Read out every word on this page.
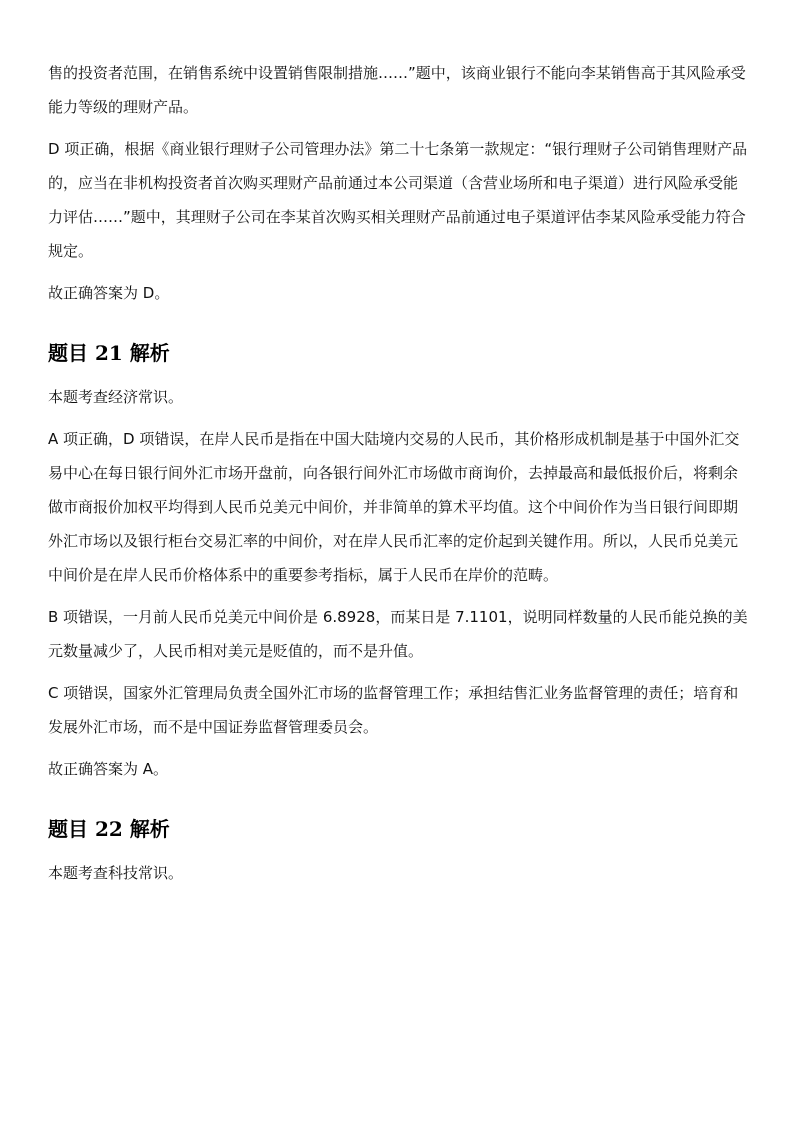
售的投资者范围，在销售系统中设置销售限制措施……”题中，该商业银行不能向李某销售高于其风险承受能力等级的理财产品。

D 项正确，根据《商业银行理财子公司管理办法》第二十七条第一款规定：“银行理财子公司销售理财产品的，应当在非机构投资者首次购买理财产品前通过本公司渠道（含营业场所和电子渠道）进行风险承受能力评估……”题中，其理财子公司在李某首次购买相关理财产品前通过电子渠道评估李某风险承受能力符合规定。

故正确答案为 D。

题目 21 解析

本题考查经济常识。

A 项正确，D 项错误，在岸人民币是指在中国大陆境内交易的人民币，其价格形成机制是基于中国外汇交易中心在每日银行间外汇市场开盘前，向各银行间外汇市场做市商询价，去掉最高和最低报价后，将剩余做市商报价加权平均得到人民币兑美元中间价，并非简单的算术平均值。这个中间价作为当日银行间即期外汇市场以及银行柜台交易汇率的中间价，对在岸人民币汇率的定价起到关键作用。所以，人民币兑美元中间价是在岸人民币价格体系中的重要参考指标，属于人民币在岸价的范畴。

B 项错误，一月前人民币兑美元中间价是 6.8928，而某日是 7.1101，说明同样数量的人民币能兑换的美元数量减少了，人民币相对美元是贬值的，而不是升值。

C 项错误，国家外汇管理局负责全国外汇市场的监督管理工作；承担结售汇业务监督管理的责任；培育和发展外汇市场，而不是中国证券监督管理委员会。

故正确答案为 A。

题目 22 解析

本题考查科技常识。
